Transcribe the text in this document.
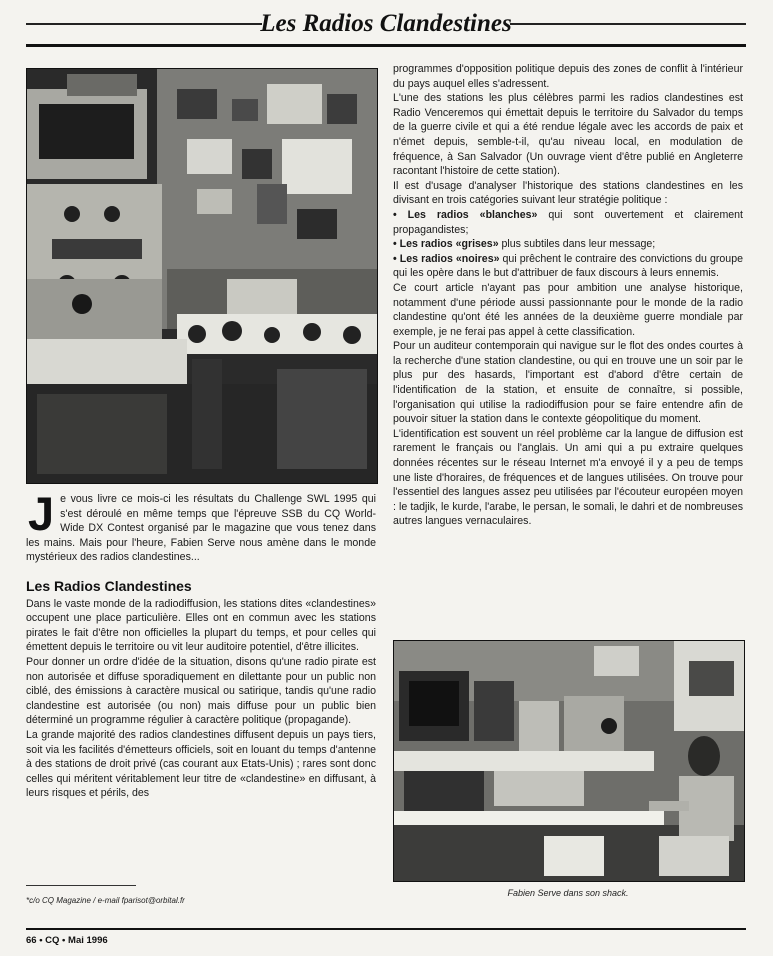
Les Radios Clandestines

Je vous livre ce mois-ci les résultats du Challenge SWL 1995 qui s'est déroulé en même temps que l'épreuve SSB du CQ World-Wide DX Contest organisé par le magazine que vous tenez dans les mains. Mais pour l'heure, Fabien Serve nous amène dans le monde mystérieux des radios clandestines...

Les Radios Clandestines

Dans le vaste monde de la radiodiffusion, les stations dites «clandestines» occupent une place particulière. Elles ont en commun avec les stations pirates le fait d'être non officielles la plupart du temps, et pour celles qui émettent depuis le territoire ou vit leur auditoire potentiel, d'être illicites.

Pour donner un ordre d'idée de la situation, disons qu'une radio pirate est non autorisée et diffuse sporadiquement en dilettante pour un public non ciblé, des émissions à caractère musical ou satirique, tandis qu'une radio clandestine est autorisée (ou non) mais diffuse pour un public bien déterminé un programme régulier à caractère politique (propagande).

La grande majorité des radios clandestines diffusent depuis un pays tiers, soit via les facilités d'émetteurs officiels, soit en louant du temps d'antenne à des stations de droit privé (cas courant aux Etats-Unis) ; rares sont donc celles qui méritent véritablement leur titre de «clandestine» en diffusant, à leurs risques et périls, des

programmes d'opposition politique depuis des zones de conflit à l'intérieur du pays auquel elles s'adressent.

L'une des stations les plus célèbres parmi les radios clandestines est Radio Venceremos qui émettait depuis le territoire du Salvador du temps de la guerre civile et qui a été rendue légale avec les accords de paix et n'émet depuis, semble-t-il, qu'au niveau local, en modulation de fréquence, à San Salvador (Un ouvrage vient d'être publié en Angleterre racontant l'histoire de cette station).

Il est d'usage d'analyser l'historique des stations clandestines en les divisant en trois catégories suivant leur stratégie politique :

• Les radios «blanches» qui sont ouvertement et clairement propagandistes;

• Les radios «grises» plus subtiles dans leur message;

• Les radios «noires» qui prêchent le contraire des convictions du groupe qui les opère dans le but d'attribuer de faux discours à leurs ennemis.

Ce court article n'ayant pas pour ambition une analyse historique, notamment d'une période aussi passionnante pour le monde de la radio clandestine qu'ont été les années de la deuxième guerre mondiale par exemple, je ne ferai pas appel à cette classification.

Pour un auditeur contemporain qui navigue sur le flot des ondes courtes à la recherche d'une station clandestine, ou qui en trouve une un soir par le plus pur des hasards, l'important est d'abord d'être certain de l'identification de la station, et ensuite de connaître, si possible, l'organisation qui utilise la radiodiffusion pour se faire entendre afin de pouvoir situer la station dans le contexte géopolitique du moment.

L'identification est souvent un réel problème car la langue de diffusion est rarement le français ou l'anglais. Un ami qui a pu extraire quelques données récentes sur le réseau Internet m'a envoyé il y a peu de temps une liste d'horaires, de fréquences et de langues utilisées. On trouve pour l'essentiel des langues assez peu utilisées par l'écouteur européen moyen : le tadjik, le kurde, l'arabe, le persan, le somali, le dahri et de nombreuses autres langues vernaculaires.

*c/o CQ Magazine / e-mail fparisot@orbital.fr
Fabien Serve dans son shack.
66 • CQ • Mai 1996
